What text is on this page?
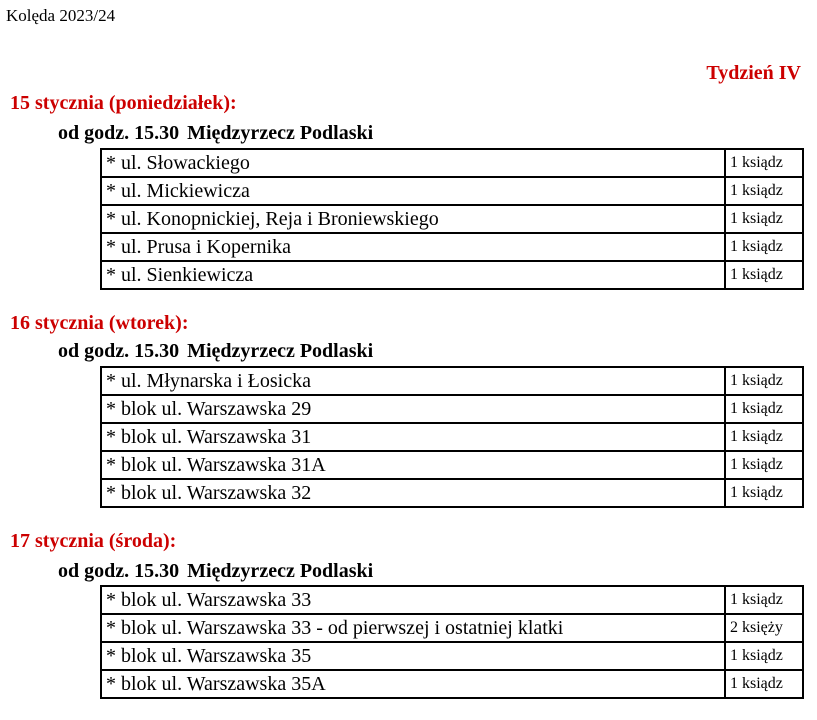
Kolęda 2023/24
Tydzień IV
15 stycznia (poniedziałek):
od godz. 15.30 Międzyrzecz Podlaski
* ul. Słowackiego	1 ksiądz
* ul. Mickiewicza	1 ksiądz
* ul. Konopnickiej, Reja i Broniewskiego	1 ksiądz
* ul. Prusa i Kopernika	1 ksiądz
* ul. Sienkiewicza	1 ksiądz
16 stycznia (wtorek):
od godz. 15.30 Międzyrzecz Podlaski
* ul. Młynarska i Łosicka	1 ksiądz
* blok ul. Warszawska 29	1 ksiądz
* blok ul. Warszawska 31	1 ksiądz
* blok ul. Warszawska 31A	1 ksiądz
* blok ul. Warszawska 32	1 ksiądz
17 stycznia (środa):
od godz. 15.30 Międzyrzecz Podlaski
* blok ul. Warszawska 33	1 ksiądz
* blok ul. Warszawska 33 - od pierwszej i ostatniej klatki	2 księży
* blok ul. Warszawska 35	1 ksiądz
* blok ul. Warszawska 35A	1 ksiądz
